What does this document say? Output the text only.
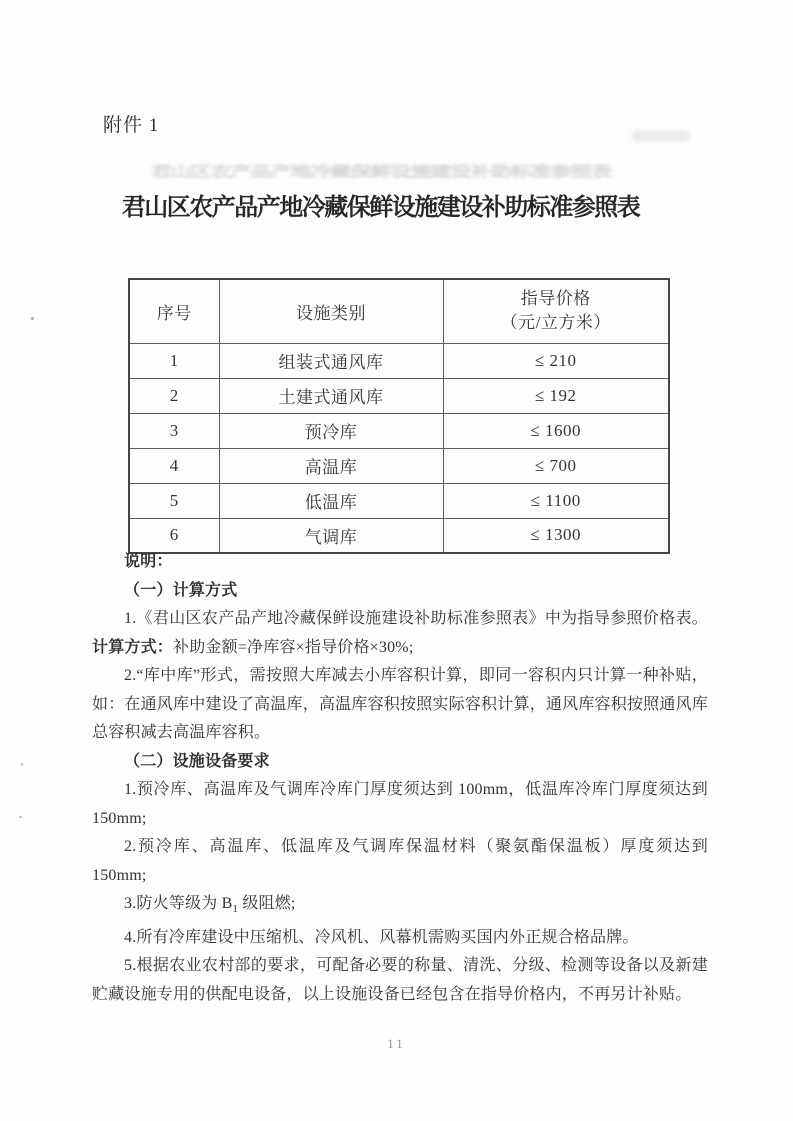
附件 1
君山区农产品产地冷藏保鲜设施建设补助标准参照表
君山区农产品产地冷藏保鲜设施建设补助标准参照表
序号	设施类别	指导价格
（元/立方米）

1	组装式通风库	≤ 210
2	土建式通风库	≤ 192
3	预冷库	≤ 1600
4	高温库	≤ 700
5	低温库	≤ 1100
6	气调库	≤ 1300

说明：

（一）计算方式

1.《君山区农产品产地冷藏保鲜设施建设补助标准参照表》中为指导参照价格表。计算方式：补助金额=净库容×指导价格×30%;

2.“库中库”形式，需按照大库减去小库容积计算，即同一容积内只计算一种补贴，如：在通风库中建设了高温库，高温库容积按照实际容积计算，通风库容积按照通风库总容积减去高温库容积。

（二）设施设备要求

1.预冷库、高温库及气调库冷库门厚度须达到 100mm，低温库冷库门厚度须达到 150mm;

2.预冷库、高温库、低温库及气调库保温材料（聚氨酯保温板）厚度须达到 150mm;

3.防火等级为 $B_1$ 级阻燃;

4.所有冷库建设中压缩机、冷风机、风幕机需购买国内外正规合格品牌。

5.根据农业农村部的要求，可配备必要的称量、清洗、分级、检测等设备以及新建贮藏设施专用的供配电设备，以上设施设备已经包含在指导价格内，不再另计补贴。

11
